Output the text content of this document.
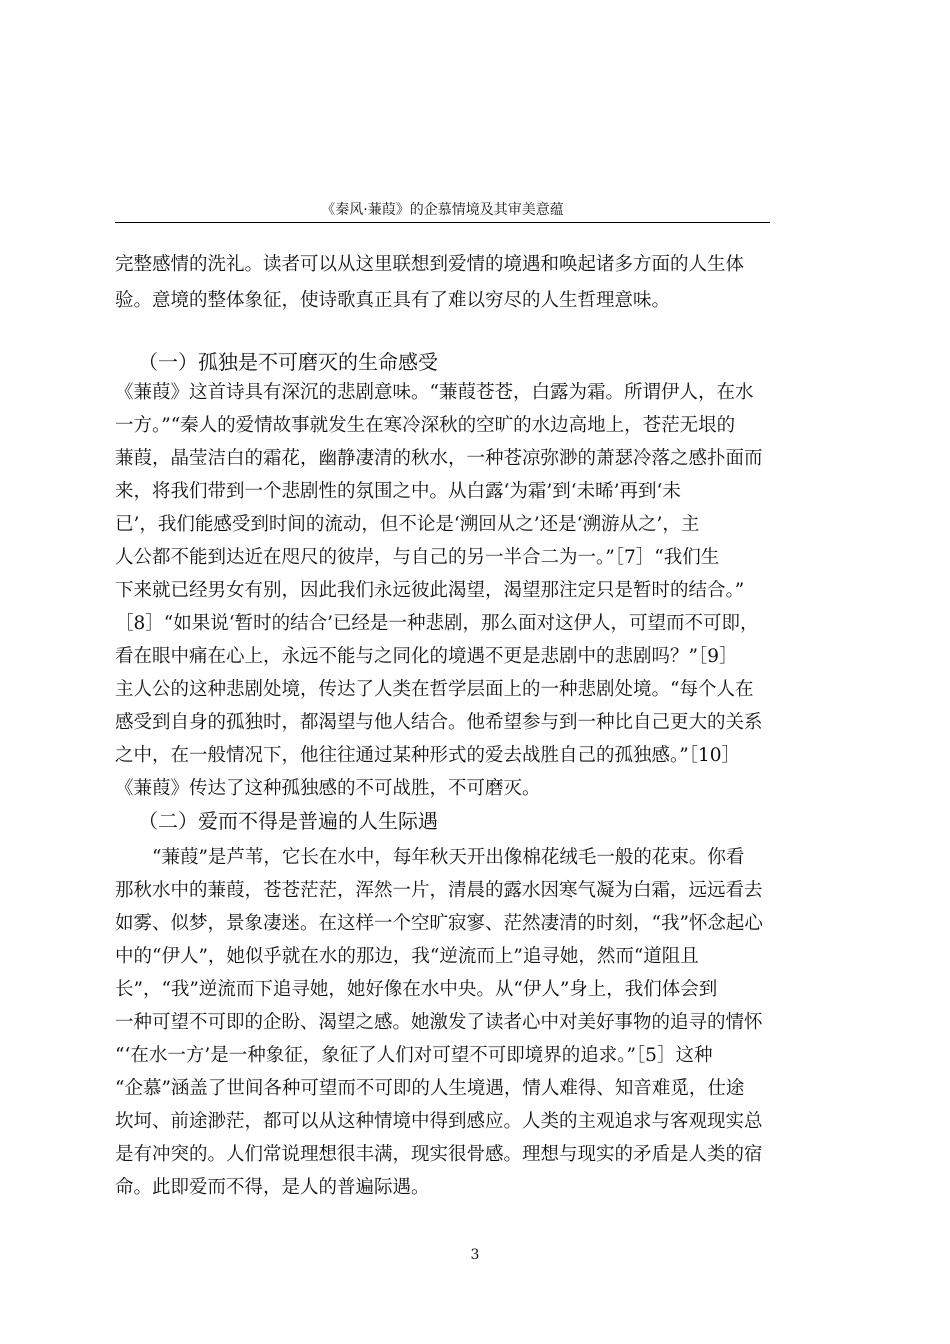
《秦风·蒹葭》的企慕情境及其审美意蕴
完整感情的洗礼。读者可以从这里联想到爱情的境遇和唤起诸多方面的人生体
验。意境的整体象征，使诗歌真正具有了难以穷尽的人生哲理意味。
（一）孤独是不可磨灭的生命感受
《蒹葭》这首诗具有深沉的悲剧意味。“蒹葭苍苍，白露为霜。所谓伊人，在水
一方。”“秦人的爱情故事就发生在寒冷深秋的空旷的水边高地上，苍茫无垠的
蒹葭，晶莹洁白的霜花，幽静凄清的秋水，一种苍凉弥渺的萧瑟冷落之感扑面而
来，将我们带到一个悲剧性的氛围之中。从白露‘为霜’到‘未晞’再到‘未
已’，我们能感受到时间的流动，但不论是‘溯回从之’还是‘溯游从之’，主
人公都不能到达近在咫尺的彼岸，与自己的另一半合二为一。”［7］“我们生
下来就已经男女有别，因此我们永远彼此渴望，渴望那注定只是暂时的结合。”
［8］“如果说‘暂时的结合’已经是一种悲剧，那么面对这伊人，可望而不可即，
看在眼中痛在心上，永远不能与之同化的境遇不更是悲剧中的悲剧吗？”［9］
主人公的这种悲剧处境，传达了人类在哲学层面上的一种悲剧处境。“每个人在
感受到自身的孤独时，都渴望与他人结合。他希望参与到一种比自己更大的关系
之中，在一般情况下，他往往通过某种形式的爱去战胜自己的孤独感。”［10］
《蒹葭》传达了这种孤独感的不可战胜，不可磨灭。
（二）爱而不得是普遍的人生际遇
“蒹葭”是芦苇，它长在水中，每年秋天开出像棉花绒毛一般的花束。你看
那秋水中的蒹葭，苍苍茫茫，浑然一片，清晨的露水因寒气凝为白霜，远远看去
如雾、似梦，景象凄迷。在这样一个空旷寂寥、茫然凄清的时刻，“我”怀念起心
中的“伊人”，她似乎就在水的那边，我“逆流而上”追寻她，然而“道阻且
长”，“我”逆流而下追寻她，她好像在水中央。从“伊人”身上，我们体会到
一种可望不可即的企盼、渴望之感。她激发了读者心中对美好事物的追寻的情怀
“‘在水一方’是一种象征，象征了人们对可望不可即境界的追求。”［5］这种
“企慕”涵盖了世间各种可望而不可即的人生境遇，情人难得、知音难觅，仕途
坎坷、前途渺茫，都可以从这种情境中得到感应。人类的主观追求与客观现实总
是有冲突的。人们常说理想很丰满，现实很骨感。理想与现实的矛盾是人类的宿
命。此即爱而不得，是人的普遍际遇。
3
